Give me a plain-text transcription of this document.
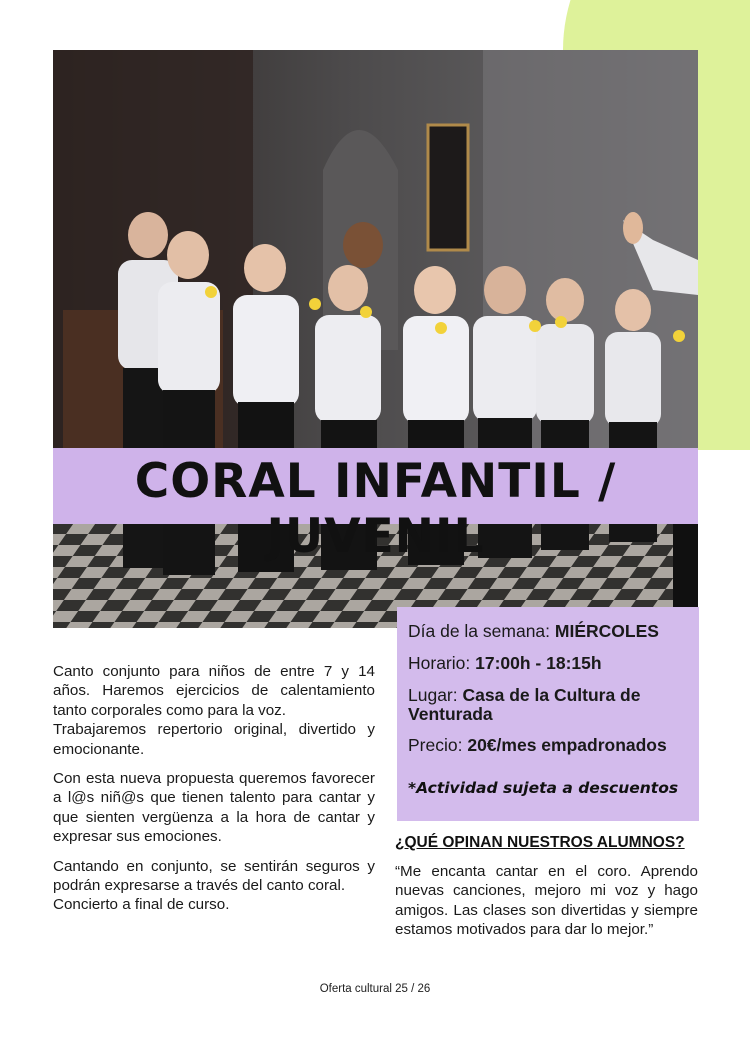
CORAL INFANTIL / JUVENIL
Día de la semana: MIÉRCOLES
Horario: 17:00h - 18:15h
Lugar: Casa de la Cultura de
Venturada
Precio: 20€/mes empadronados
*Actividad sujeta a descuentos

Canto conjunto para niños de entre 7 y 14 años. Haremos ejercicios de calentamiento tanto corporales como para la voz.

Trabajaremos repertorio original, divertido y emocionante.

Con esta nueva propuesta queremos favorecer a l@s niñ@s que tienen talento para cantar y que sienten vergüenza a la hora de cantar y expresar sus emociones.

Cantando en conjunto, se sentirán seguros y podrán expresarse a través del canto coral.

Concierto a final de curso.

¿QUÉ OPINAN NUESTROS ALUMNOS?
“Me encanta cantar en el coro. Aprendo nuevas canciones, mejoro mi voz y hago amigos. Las clases son divertidas y siempre estamos motivados para dar lo mejor.”
Oferta cultural 25 / 26
